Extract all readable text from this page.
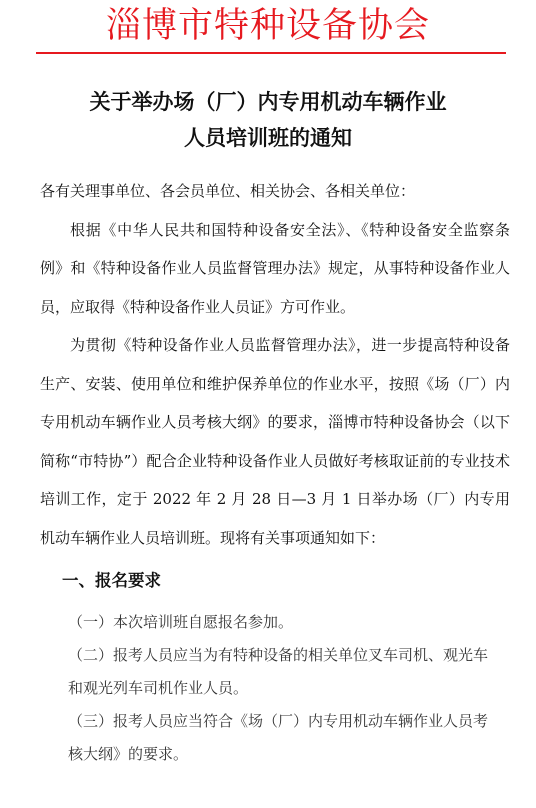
淄博市特种设备协会
关于举办场（厂）内专用机动车辆作业
人员培训班的通知

各有关理事单位、各会员单位、相关协会、各相关单位：

根据《中华人民共和国特种设备安全法》、《特种设备安全监察条例》和《特种设备作业人员监督管理办法》规定，从事特种设备作业人员，应取得《特种设备作业人员证》方可作业。

为贯彻《特种设备作业人员监督管理办法》，进一步提高特种设备生产、安装、使用单位和维护保养单位的作业水平，按照《场（厂）内专用机动车辆作业人员考核大纲》的要求，淄博市特种设备协会（以下简称“市特协”）配合企业特种设备作业人员做好考核取证前的专业技术培训工作，定于 2022 年 2 月 28 日—3 月 1 日举办场（厂）内专用机动车辆作业人员培训班。现将有关事项通知如下：

一、报名要求

（一）本次培训班自愿报名参加。

（二）报考人员应当为有特种设备的相关单位叉车司机、观光车和观光列车司机作业人员。

（三）报考人员应当符合《场（厂）内专用机动车辆作业人员考核大纲》的要求。
